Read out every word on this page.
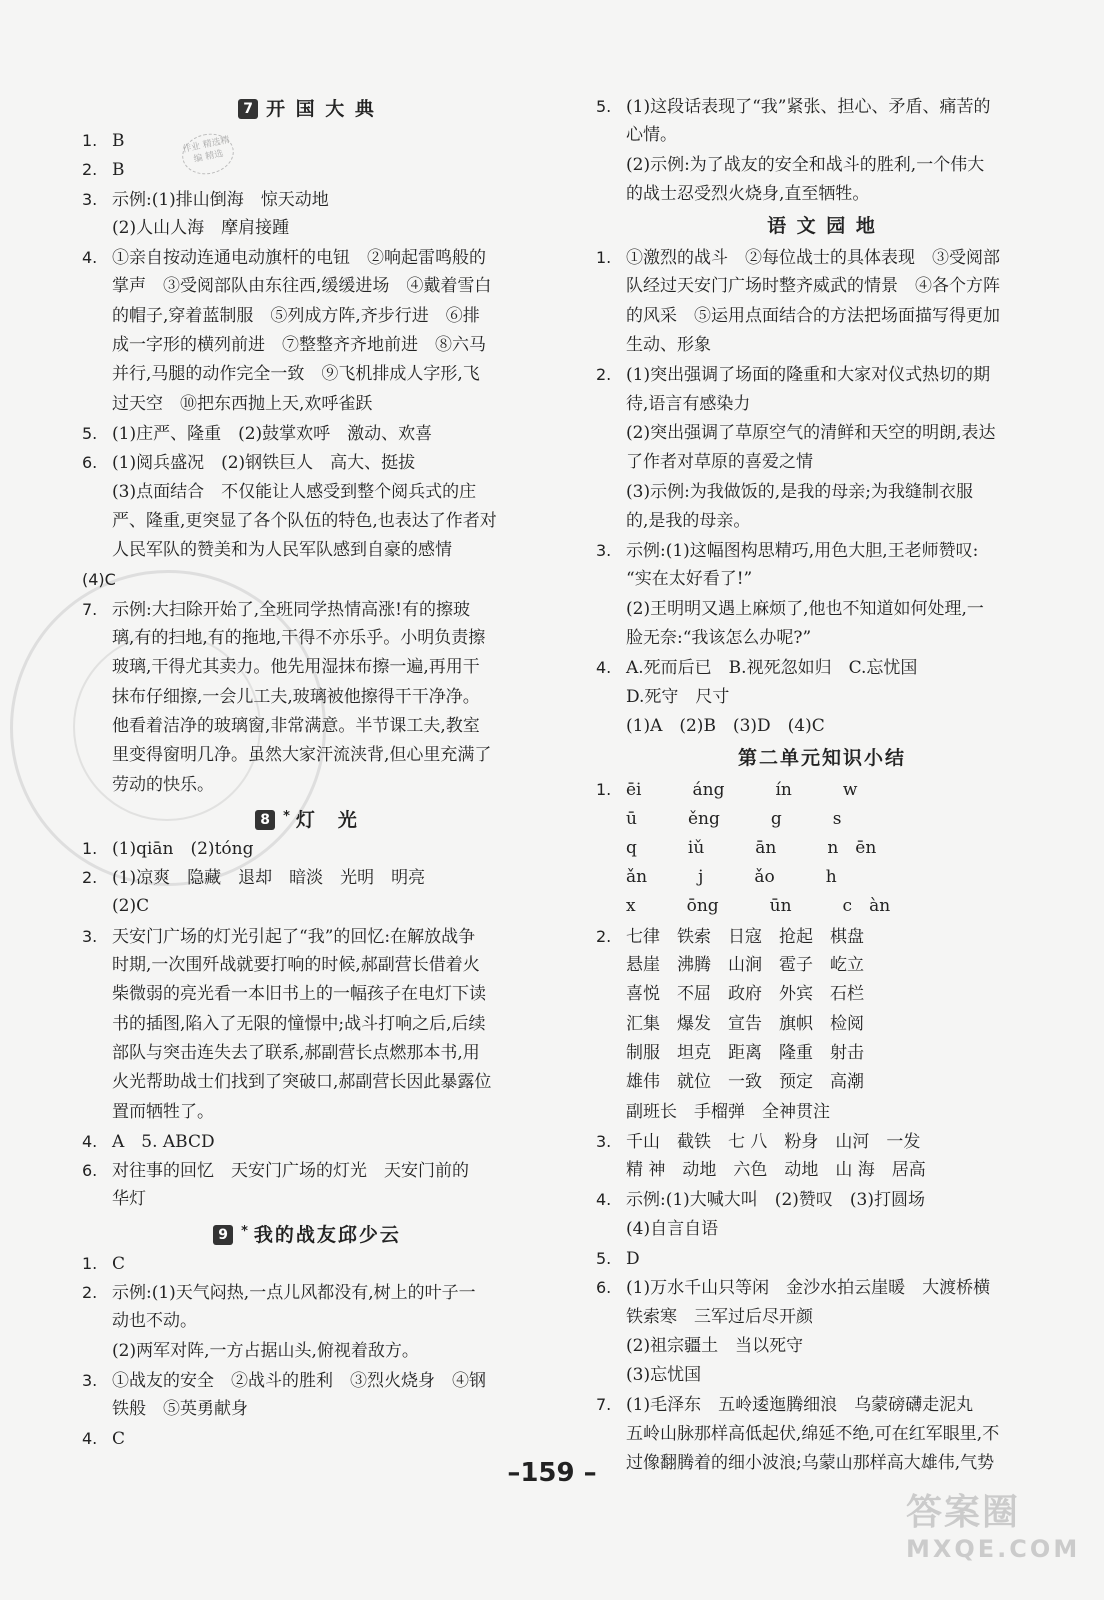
作业 精选精编 精选
7 开 国 大 典
1. B
2. B
3. 示例:(1)排山倒海　惊天动地
(2)人山人海　摩肩接踵
4. ①亲自按动连通电动旗杆的电钮　②响起雷鸣般的
掌声　③受阅部队由东往西,缓缓进场　④戴着雪白
的帽子,穿着蓝制服　⑤列成方阵,齐步行进　⑥排
成一字形的横列前进　⑦整整齐齐地前进　⑧六马
并行,马腿的动作完全一致　⑨飞机排成人字形,飞
过天空　⑩把东西抛上天,欢呼雀跃
5. (1)庄严、隆重　(2)鼓掌欢呼　激动、欢喜
6. (1)阅兵盛况　(2)钢铁巨人　高大、挺拔
(3)点面结合　不仅能让人感受到整个阅兵式的庄
严、隆重,更突显了各个队伍的特色,也表达了作者对
人民军队的赞美和为人民军队感到自豪的感情
(4)C
7. 示例:大扫除开始了,全班同学热情高涨!有的擦玻
璃,有的扫地,有的拖地,干得不亦乐乎。小明负责擦
玻璃,干得尤其卖力。他先用湿抹布擦一遍,再用干
抹布仔细擦,一会儿工夫,玻璃被他擦得干干净净。
他看着洁净的玻璃窗,非常满意。半节课工夫,教室
里变得窗明几净。虽然大家汗流浃背,但心里充满了
劳动的快乐。
8 * 灯　光
1. (1)qiān　(2)tóng
2. (1)凉爽　隐藏　退却　暗淡　光明　明亮
(2)C
3. 天安门广场的灯光引起了“我”的回忆:在解放战争
时期,一次围歼战就要打响的时候,郝副营长借着火
柴微弱的亮光看一本旧书上的一幅孩子在电灯下读
书的插图,陷入了无限的憧憬中;战斗打响之后,后续
部队与突击连失去了联系,郝副营长点燃那本书,用
火光帮助战士们找到了突破口,郝副营长因此暴露位
置而牺牲了。
4. A　5. ABCD
6. 对往事的回忆　天安门广场的灯光　天安门前的
华灯
9 * 我的战友邱少云
1. C
2. 示例:(1)天气闷热,一点儿风都没有,树上的叶子一
动也不动。
(2)两军对阵,一方占据山头,俯视着敌方。
3. ①战友的安全　②战斗的胜利　③烈火烧身　④钢
铁般　⑤英勇献身
4. C
5. (1)这段话表现了“我”紧张、担心、矛盾、痛苦的
心情。
(2)示例:为了战友的安全和战斗的胜利,一个伟大
的战士忍受烈火烧身,直至牺牲。
语 文 园 地
1. ①激烈的战斗　②每位战士的具体表现　③受阅部
队经过天安门广场时整齐威武的情景　④各个方阵
的风采　⑤运用点面结合的方法把场面描写得更加
生动、形象
2. (1)突出强调了场面的隆重和大家对仪式热切的期
待,语言有感染力
(2)突出强调了草原空气的清鲜和天空的明朗,表达
了作者对草原的喜爱之情
(3)示例:为我做饭的,是我的母亲;为我缝制衣服
的,是我的母亲。
3. 示例:(1)这幅图构思精巧,用色大胆,王老师赞叹:
“实在太好看了!”
(2)王明明又遇上麻烦了,他也不知道如何处理,一
脸无奈:“我该怎么办呢?”
4. A.死而后已　B.视死忽如归　C.忘忧国
D.死守　尺寸
(1)A　(2)B　(3)D　(4)C
第二单元知识小结
1. ēi　　　áng　　　ín　　　w
ū　　　ěng　　　g　　　s
q　　　iǔ　　　ān　　　n　ēn
ǎn　　　j　　　ǎo　　　h
x　　　ōng　　　ūn　　　c　àn
2. 七律　铁索　日寇　抢起　棋盘
悬崖　沸腾　山涧　雹子　屹立
喜悦　不屈　政府　外宾　石栏
汇集　爆发　宣告　旗帜　检阅
制服　坦克　距离　隆重　射击
雄伟　就位　一致　预定　高潮
副班长　手榴弹　全神贯注
3. 千山　截铁　七 八　粉身　山河　一发
精 神　动地　六色　动地　山 海　居高
4. 示例:(1)大喊大叫　(2)赞叹　(3)打圆场
(4)自言自语
5. D
6. (1)万水千山只等闲　金沙水拍云崖暖　大渡桥横
铁索寒　三军过后尽开颜
(2)祖宗疆土　当以死守
(3)忘忧国
7. (1)毛泽东　五岭逶迤腾细浪　乌蒙磅礴走泥丸
五岭山脉那样高低起伏,绵延不绝,可在红军眼里,不
过像翻腾着的细小波浪;乌蒙山那样高大雄伟,气势
–159 –
答案圈
MXQE.COM
